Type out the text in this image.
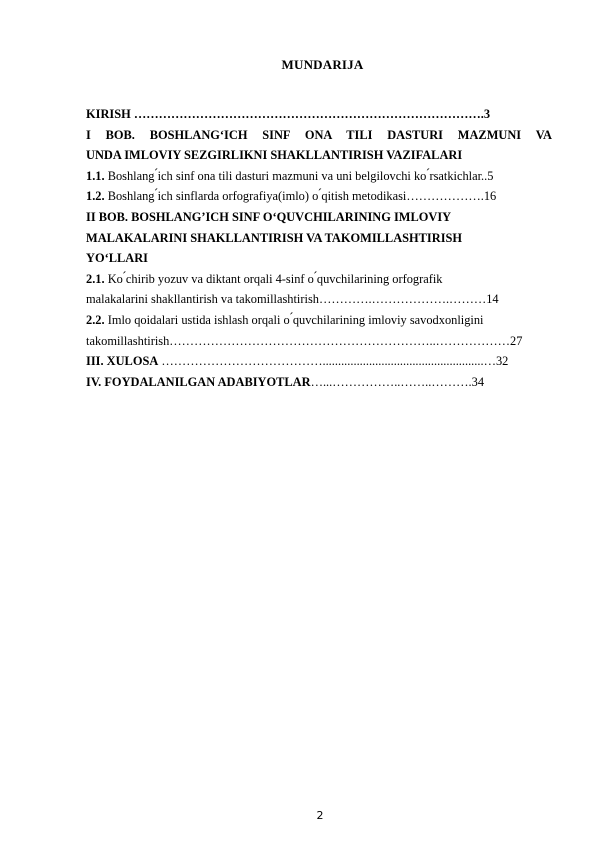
MUNDARIJA
KIRISH ………………………………………………………………………….3
I BOB. BOSHLANG‘ICH SINF ONA TILI DASTURI MAZMUNI VA
UNDA IMLOVIY SEZGIRLIKNI SHAKLLANTIRISH VAZIFALARI
1.1. Boshlang ́ich sinf ona tili dasturi mazmuni va uni belgilovchi ko ́rsatkichlar..5
1.2. Boshlang ́ich sinflarda orfografiya(imlo) o ́qitish metodikasi……………….16
II BOB. BOSHLANG’ICH SINF O‘QUVCHILARINING IMLOVIY
MALAKALARINI SHAKLLANTIRISH VA TAKOMILLASHTIRISH
YO‘LLARI
2.1. Ko ́chirib yozuv va diktant orqali 4-sinf o ́quvchilarining orfografik
malakalarini shakllantirish va takomillashtirish………….……………….………14
2.2. Imlo qoidalari ustida ishlash orqali o ́quvchilarining imloviy savodxonligini
takomillashtirish………………………………………………………..………………27
III. XULOSA …………………………………....................................................…32
IV. FOYDALANILGAN ADABIYOTLAR…...……………..……..……….34
2
